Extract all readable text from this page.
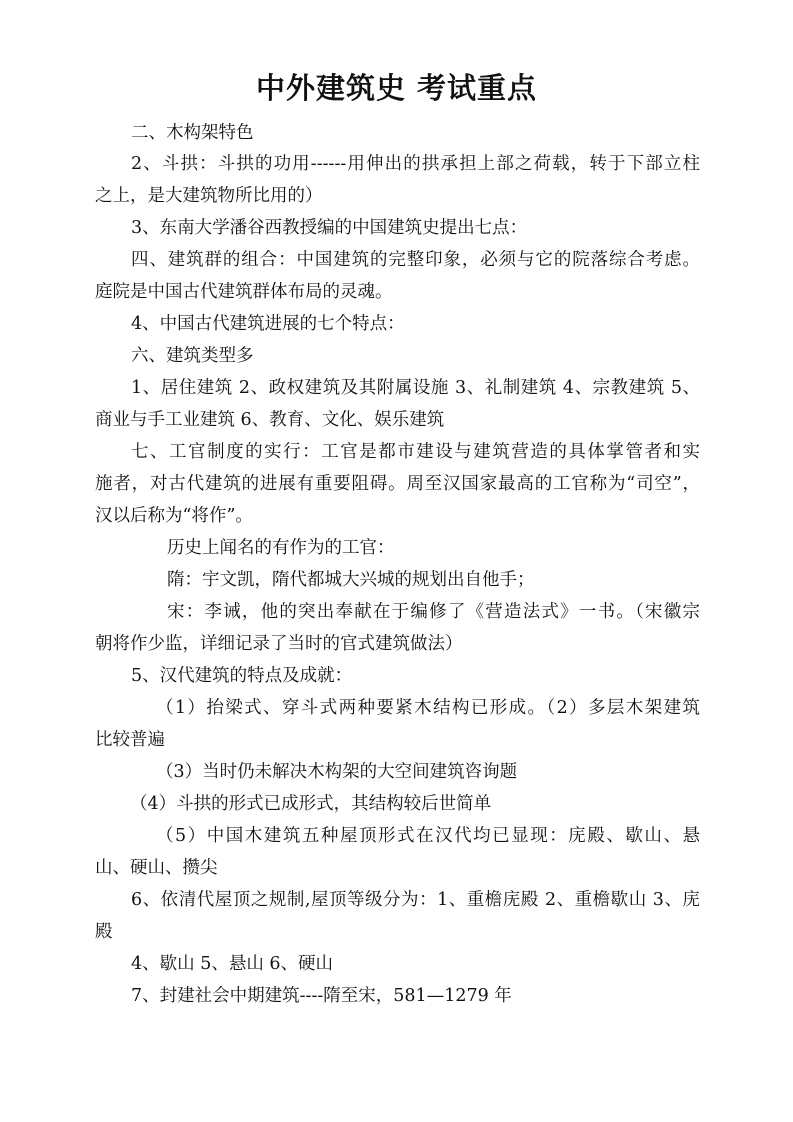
中外建筑史 考试重点
二、木构架特色
2、斗拱：斗拱的功用------用伸出的拱承担上部之荷载，转于下部立柱
之上，是大建筑物所比用的）
3、东南大学潘谷西教授编的中国建筑史提出七点：
四、建筑群的组合：中国建筑的完整印象，必须与它的院落综合考虑。
庭院是中国古代建筑群体布局的灵魂。
4、中国古代建筑进展的七个特点：
六、建筑类型多
1、居住建筑 2、政权建筑及其附属设施 3、礼制建筑 4、宗教建筑 5、
商业与手工业建筑 6、教育、文化、娱乐建筑
七、工官制度的实行：工官是都市建设与建筑营造的具体掌管者和实
施者，对古代建筑的进展有重要阻碍。周至汉国家最高的工官称为“司空”，
汉以后称为“将作”。
历史上闻名的有作为的工官：
隋：宇文凯，隋代都城大兴城的规划出自他手；
宋：李诫，他的突出奉献在于编修了《营造法式》一书。（宋徽宗
朝将作少监，详细记录了当时的官式建筑做法）
5、汉代建筑的特点及成就：
（1）抬梁式、穿斗式两种要紧木结构已形成。（2）多层木架建筑
比较普遍
（3）当时仍未解决木构架的大空间建筑咨询题
（4）斗拱的形式已成形式，其结构较后世简单
（5）中国木建筑五种屋顶形式在汉代均已显现：庑殿、歇山、悬
山、硬山、攒尖
6、依清代屋顶之规制,屋顶等级分为：1、重檐庑殿 2、重檐歇山 3、庑
殿
4、歇山 5、悬山 6、硬山
7、封建社会中期建筑----隋至宋，581—1279 年
